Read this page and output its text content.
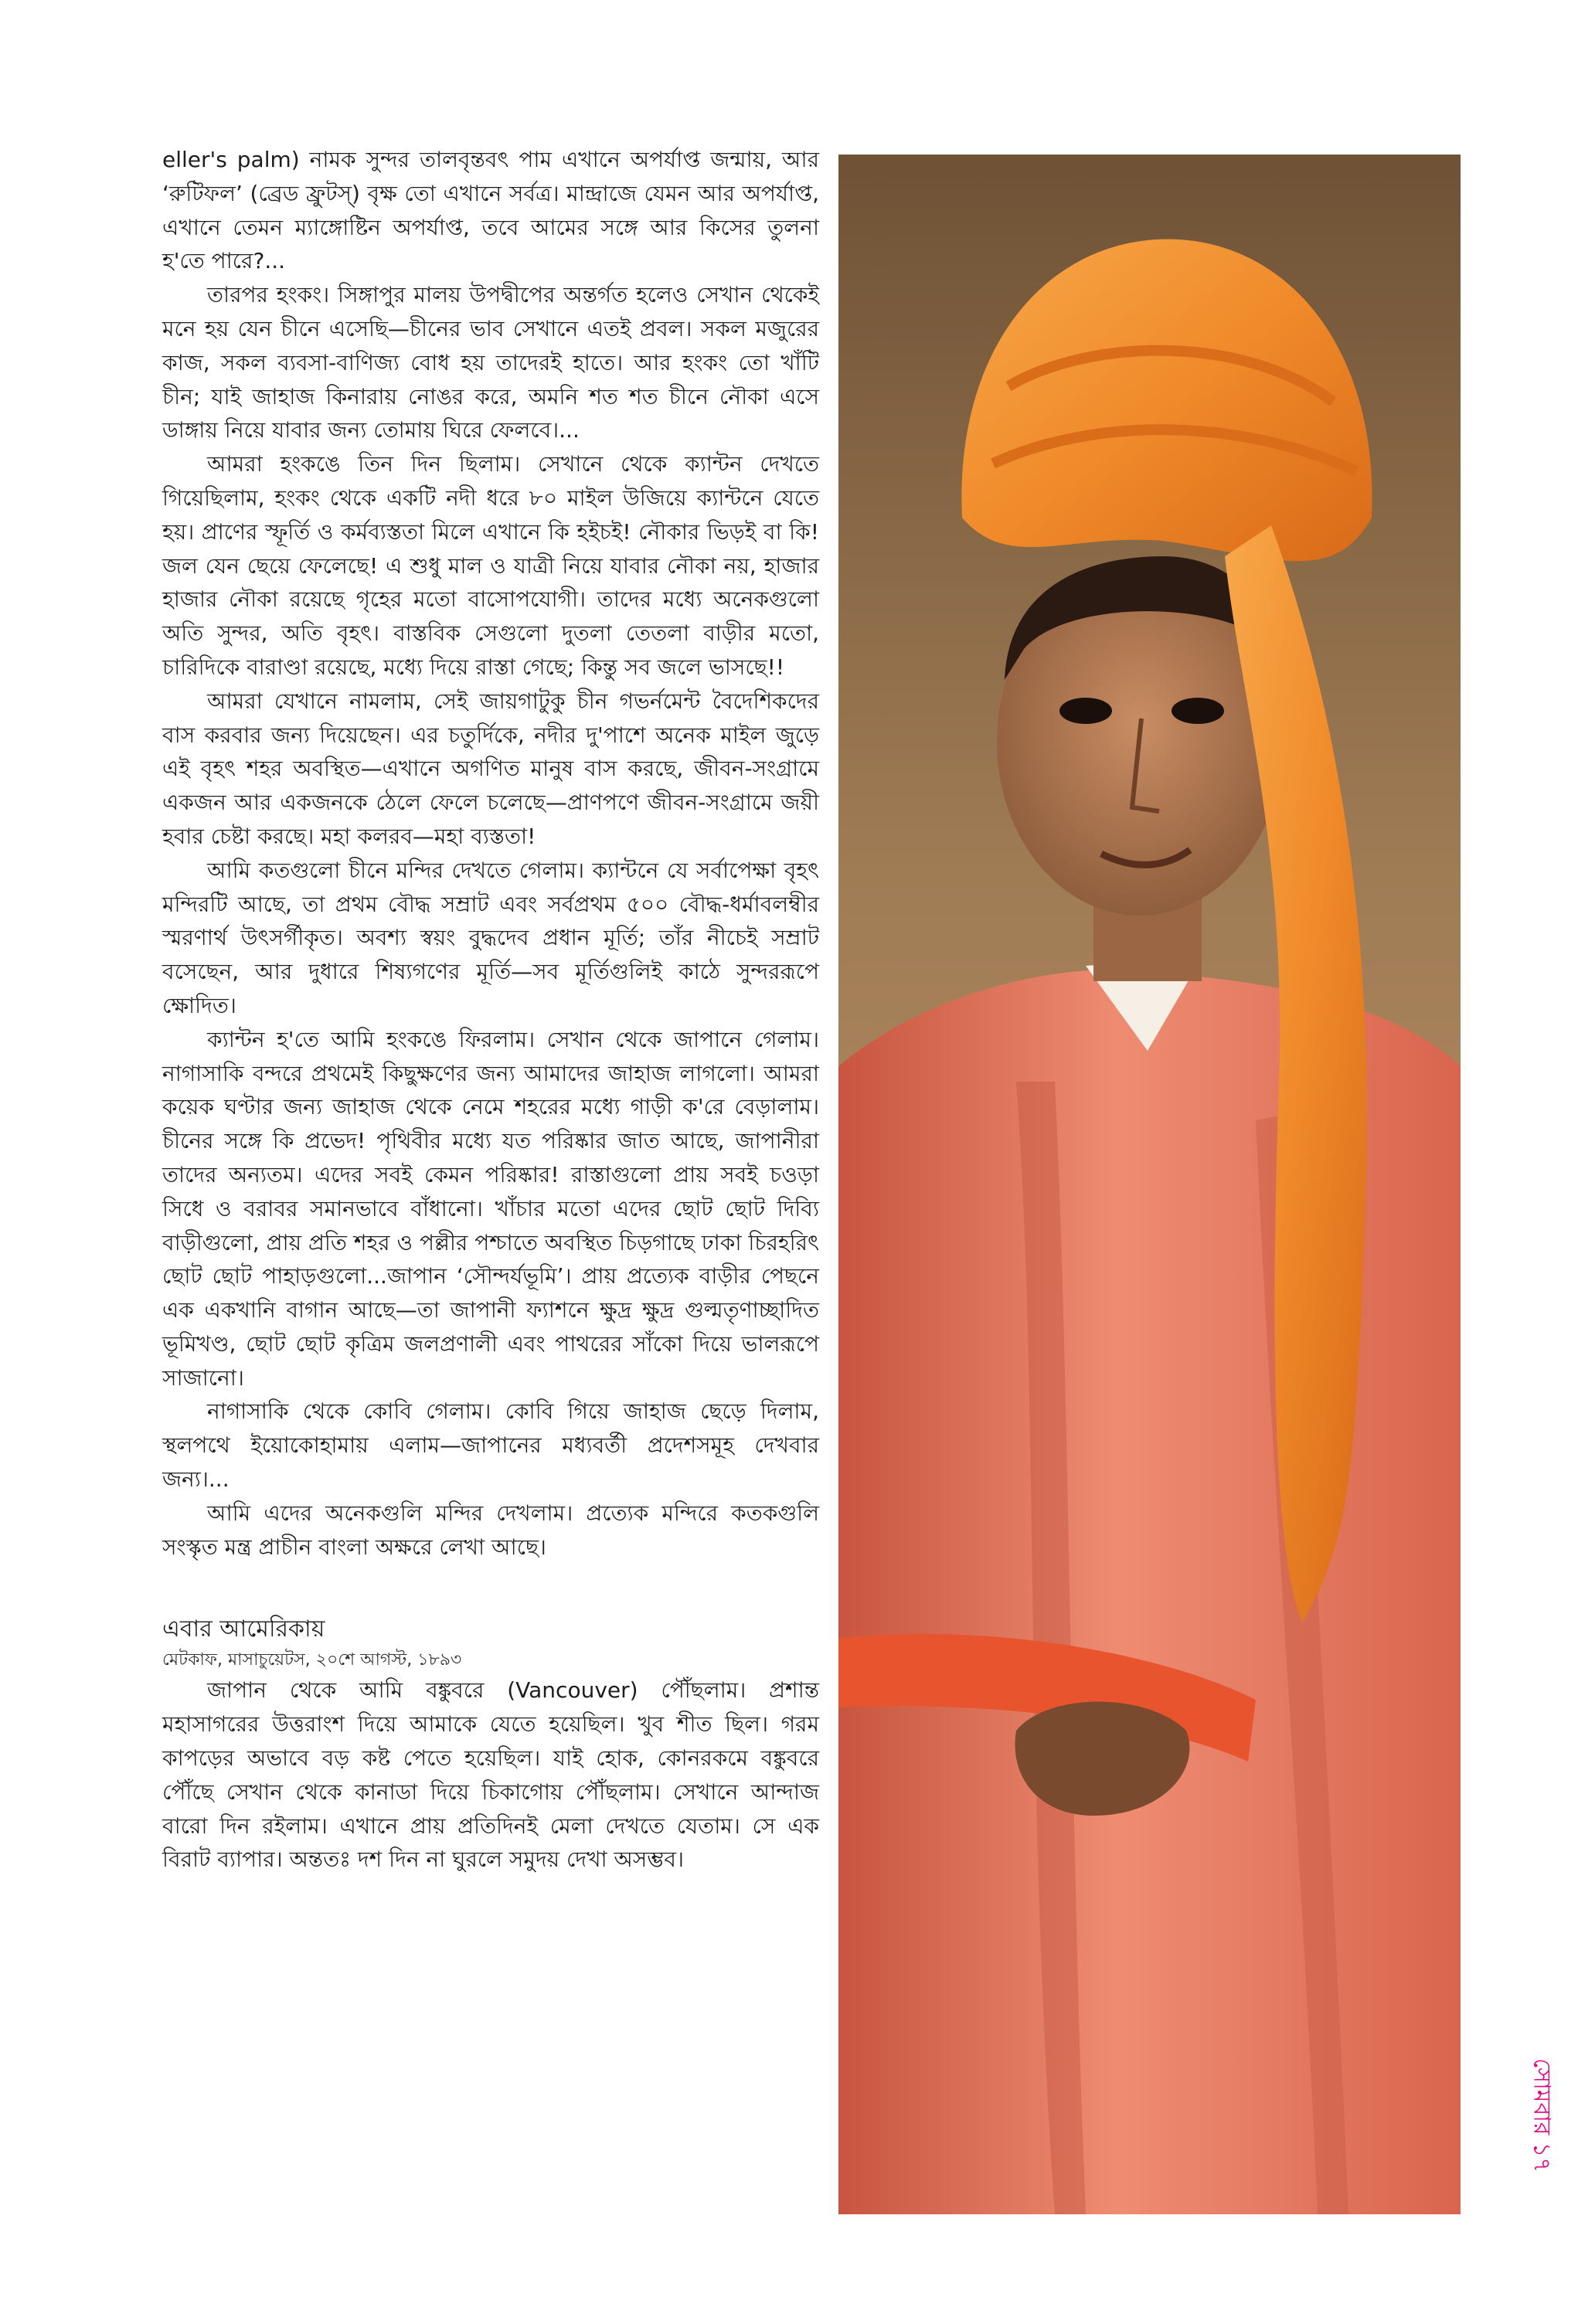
eller's palm) নামক সুন্দর তালবৃন্তবৎ পাম এখানে অপর্যাপ্ত জন্মায়, আর ‘রুটিফল’ (ব্রেড ফ্রুটস্) বৃক্ষ তো এখানে সর্বত্র। মান্দ্রাজে যেমন আর অপর্যাপ্ত, এখানে তেমন ম্যাঙ্গোষ্টিন অপর্যাপ্ত, তবে আমের সঙ্গে আর কিসের তুলনা হ'তে পারে?...

তারপর হংকং। সিঙ্গাপুর মালয় উপদ্বীপের অন্তর্গত হলেও সেখান থেকেই মনে হয় যেন চীনে এসেছি—চীনের ভাব সেখানে এতই প্রবল। সকল মজুরের কাজ, সকল ব্যবসা-বাণিজ্য বোধ হয় তাদেরই হাতে। আর হংকং তো খাঁটি চীন; যাই জাহাজ কিনারায় নোঙর করে, অমনি শত শত চীনে নৌকা এসে ডাঙ্গায় নিয়ে যাবার জন্য তোমায় ঘিরে ফেলবে।...

আমরা হংকঙে তিন দিন ছিলাম। সেখানে থেকে ক্যান্টন দেখতে গিয়েছিলাম, হংকং থেকে একটি নদী ধরে ৮০ মাইল উজিয়ে ক্যান্টনে যেতে হয়। প্রাণের স্ফূর্তি ও কর্মব্যস্ততা মিলে এখানে কি হইচই! নৌকার ভিড়ই বা কি! জল যেন ছেয়ে ফেলেছে! এ শুধু মাল ও যাত্রী নিয়ে যাবার নৌকা নয়, হাজার হাজার নৌকা রয়েছে গৃহের মতো বাসোপযোগী। তাদের মধ্যে অনেকগুলো অতি সুন্দর, অতি বৃহৎ। বাস্তবিক সেগুলো দুতলা তেতলা বাড়ীর মতো, চারিদিকে বারাণ্ডা রয়েছে, মধ্যে দিয়ে রাস্তা গেছে; কিন্তু সব জলে ভাসছে!!

আমরা যেখানে নামলাম, সেই জায়গাটুকু চীন গভর্নমেন্ট বৈদেশিকদের বাস করবার জন্য দিয়েছেন। এর চতুর্দিকে, নদীর দু'পাশে অনেক মাইল জুড়ে এই বৃহৎ শহর অবস্থিত—এখানে অগণিত মানুষ বাস করছে, জীবন-সংগ্রামে একজন আর একজনকে ঠেলে ফেলে চলেছে—প্রাণপণে জীবন-সংগ্রামে জয়ী হবার চেষ্টা করছে। মহা কলরব—মহা ব্যস্ততা!

আমি কতগুলো চীনে মন্দির দেখতে গেলাম। ক্যান্টনে যে সর্বাপেক্ষা বৃহৎ মন্দিরটি আছে, তা প্রথম বৌদ্ধ সম্রাট এবং সর্বপ্রথম ৫০০ বৌদ্ধ-ধর্মাবলম্বীর স্মরণার্থ উৎসর্গীকৃত। অবশ্য স্বয়ং বুদ্ধদেব প্রধান মূর্তি; তাঁর নীচেই সম্রাট বসেছেন, আর দুধারে শিষ্যগণের মূর্তি—সব মূর্তিগুলিই কাঠে সুন্দররূপে ক্ষোদিত।

ক্যান্টন হ'তে আমি হংকঙে ফিরলাম। সেখান থেকে জাপানে গেলাম। নাগাসাকি বন্দরে প্রথমেই কিছুক্ষণের জন্য আমাদের জাহাজ লাগলো। আমরা কয়েক ঘণ্টার জন্য জাহাজ থেকে নেমে শহরের মধ্যে গাড়ী ক'রে বেড়ালাম। চীনের সঙ্গে কি প্রভেদ! পৃথিবীর মধ্যে যত পরিষ্কার জাত আছে, জাপানীরা তাদের অন্যতম। এদের সবই কেমন পরিষ্কার! রাস্তাগুলো প্রায় সবই চওড়া সিধে ও বরাবর সমানভাবে বাঁধানো। খাঁচার মতো এদের ছোট ছোট দিব্যি বাড়ীগুলো, প্রায় প্রতি শহর ও পল্লীর পশ্চাতে অবস্থিত চিড়গাছে ঢাকা চিরহরিৎ ছোট ছোট পাহাড়গুলো...জাপান ‘সৌন্দর্যভূমি’। প্রায় প্রত্যেক বাড়ীর পেছনে এক একখানি বাগান আছে—তা জাপানী ফ্যাশনে ক্ষুদ্র ক্ষুদ্র গুল্মতৃণাচ্ছাদিত ভূমিখণ্ড, ছোট ছোট কৃত্রিম জলপ্রণালী এবং পাথরের সাঁকো দিয়ে ভালরূপে সাজানো।

নাগাসাকি থেকে কোবি গেলাম। কোবি গিয়ে জাহাজ ছেড়ে দিলাম, স্থলপথে ইয়োকোহামায় এলাম—জাপানের মধ্যবর্তী প্রদেশসমূহ দেখবার জন্য।...

আমি এদের অনেকগুলি মন্দির দেখলাম। প্রত্যেক মন্দিরে কতকগুলি সংস্কৃত মন্ত্র প্রাচীন বাংলা অক্ষরে লেখা আছে।

এবার আমেরিকায়

মেটকাফ, মাসাচুয়েটস, ২০শে আগস্ট, ১৮৯৩

জাপান থেকে আমি বঙ্কুবরে (Vancouver) পৌঁছলাম। প্রশান্ত মহাসাগরের উত্তরাংশ দিয়ে আমাকে যেতে হয়েছিল। খুব শীত ছিল। গরম কাপড়ের অভাবে বড় কষ্ট পেতে হয়েছিল। যাই হোক, কোনরকমে বঙ্কুবরে পৌঁছে সেখান থেকে কানাডা দিয়ে চিকাগোয় পৌঁছলাম। সেখানে আন্দাজ বারো দিন রইলাম। এখানে প্রায় প্রতিদিনই মেলা দেখতে যেতাম। সে এক বিরাট ব্যাপার। অন্ততঃ দশ দিন না ঘুরলে সমুদয় দেখা অসম্ভব।

সোমবার ১৭
